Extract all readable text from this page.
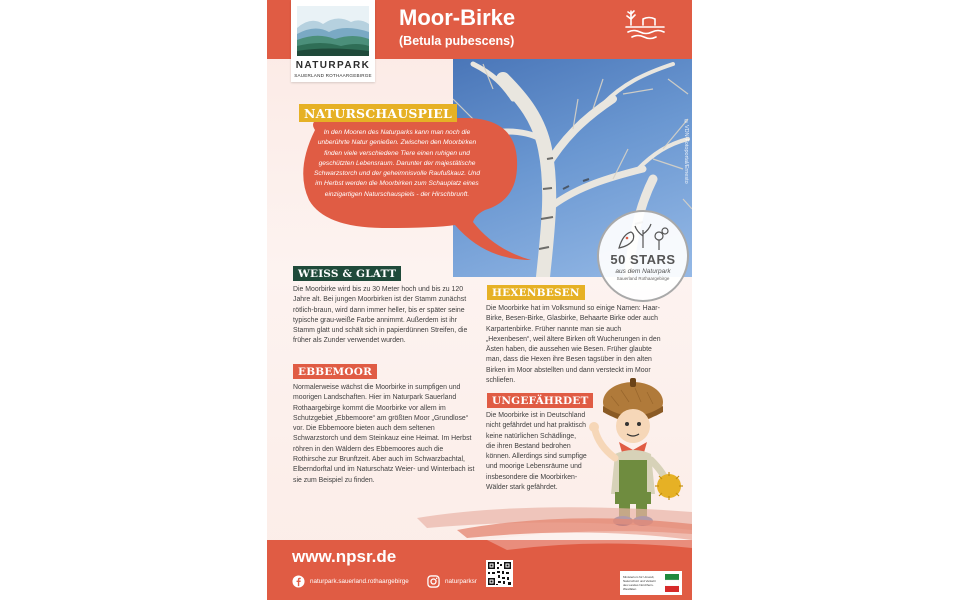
Moor-Birke
(Betula pubescens)
NATURPARK
SAUERLAND ROTHAARGEBIRGE
©VDN-Fotoportal/Ernesto
50 STARS
aus dem Naturpark
Sauerland Rothaargebirge
NATURSCHAUSPIEL
In den Mooren des Naturparks kann man noch die unberührte Natur genießen. Zwischen den Moorbirken finden viele verschiedene Tiere einen ruhigen und geschützten Lebensraum. Darunter der majestätische Schwarzstorch und der geheimnisvolle Raufußkauz. Und im Herbst werden die Moorbirken zum Schauplatz eines einzigartigen Naturschauspiels - der Hirschbrunft.
WEISS & GLATT
Die Moorbirke wird bis zu 30 Meter hoch und bis zu 120 Jahre alt. Bei jungen Moorbirken ist der Stamm zunächst rötlich-braun, wird dann immer heller, bis er später seine typische grau-weiße Farbe annimmt. Außerdem ist ihr Stamm glatt und schält sich in papierdünnen Streifen, die früher als Zunder verwendet wurden.
EBBEMOOR
Normalerweise wächst die Moorbirke in sumpfigen und moorigen Landschaften. Hier im Naturpark Sauerland Rothaargebirge kommt die Moorbirke vor allem im Schutzgebiet „Ebbemoore“ am größten Moor „Grundlose“ vor. Die Ebbemoore bieten auch dem seltenen Schwarzstorch und dem Steinkauz eine Heimat. Im Herbst röhren in den Wäldern des Ebbemoores auch die Rothirsche zur Brunftzeit. Aber auch im Schwarzbachtal, Elberndorftal und im Naturschatz Weier- und Winterbach ist sie zum Beispiel zu finden.
HEXENBESEN
Die Moorbirke hat im Volksmund so einige Namen: Haar-Birke, Besen-Birke, Glasbirke, Behaarte Birke oder auch Karpartenbirke. Früher nannte man sie auch „Hexenbesen“, weil ältere Birken oft Wucherungen in den Ästen haben, die aussehen wie Besen. Früher glaubte man, dass die Hexen ihre Besen tagsüber in den alten Birken im Moor abstellten und dann versteckt im Moor schliefen.
UNGEFÄHRDET
Die Moorbirke ist in Deutschland nicht gefährdet und hat praktisch keine natürlichen Schädlinge, die ihren Bestand bedrohen können. Allerdings sind sumpfige und moorige Lebensräume und insbesondere die Moorbirken-Wälder stark gefährdet.
www.npsr.de
naturpark.sauerland.rothaargebirge	naturparksr
Ministerium für Umwelt, Naturschutz und Verkehr des Landes Nordrhein-Westfalen
